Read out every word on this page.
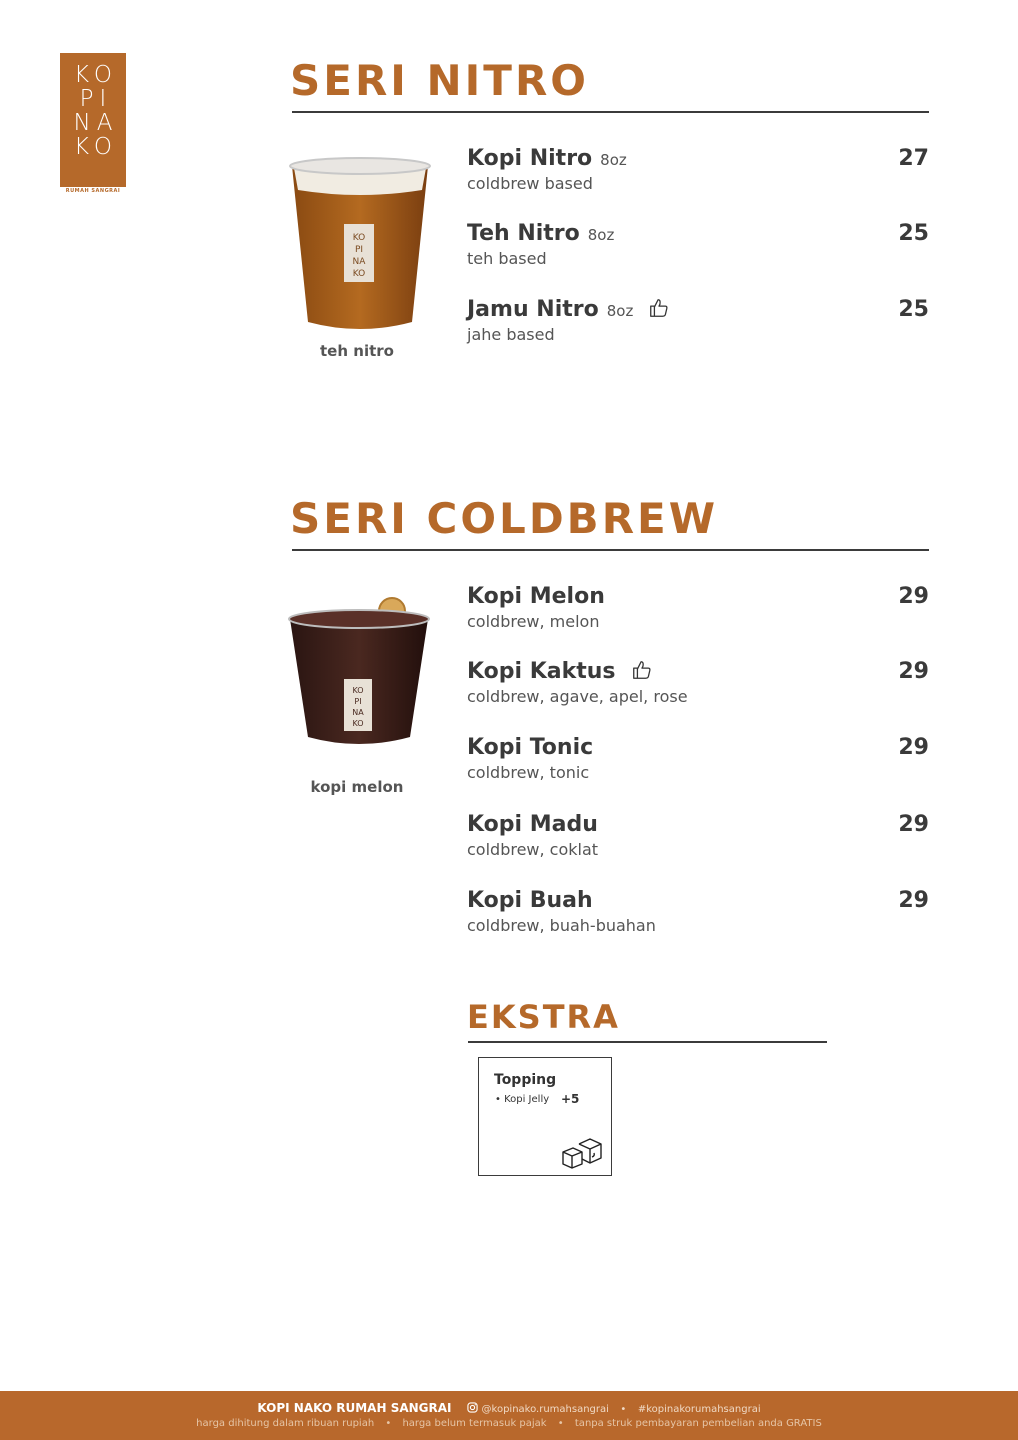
KO
PI
NA
KO
RUMAH SANGRAI
SERI NITRO
KO
PI
NA
KO
teh nitro
Kopi Nitro 8oz
coldbrew based
27
Teh Nitro 8oz
teh based
25
Jamu Nitro 8oz
jahe based
25
SERI COLDBREW
KO
PI
NA
KO
kopi melon
Kopi Melon
coldbrew, melon
29
Kopi Kaktus
coldbrew, agave, apel, rose
29
Kopi Tonic
coldbrew, tonic
29
Kopi Madu
coldbrew, coklat
29
Kopi Buah
coldbrew, buah-buahan
29
EKSTRA
Topping
• Kopi Jelly +5
KOPI NAKO RUMAH SANGRAI	@kopinako.rumahsangrai • #kopinakorumahsangrai
harga dihitung dalam ribuan rupiah • harga belum termasuk pajak • tanpa struk pembayaran pembelian anda GRATIS
